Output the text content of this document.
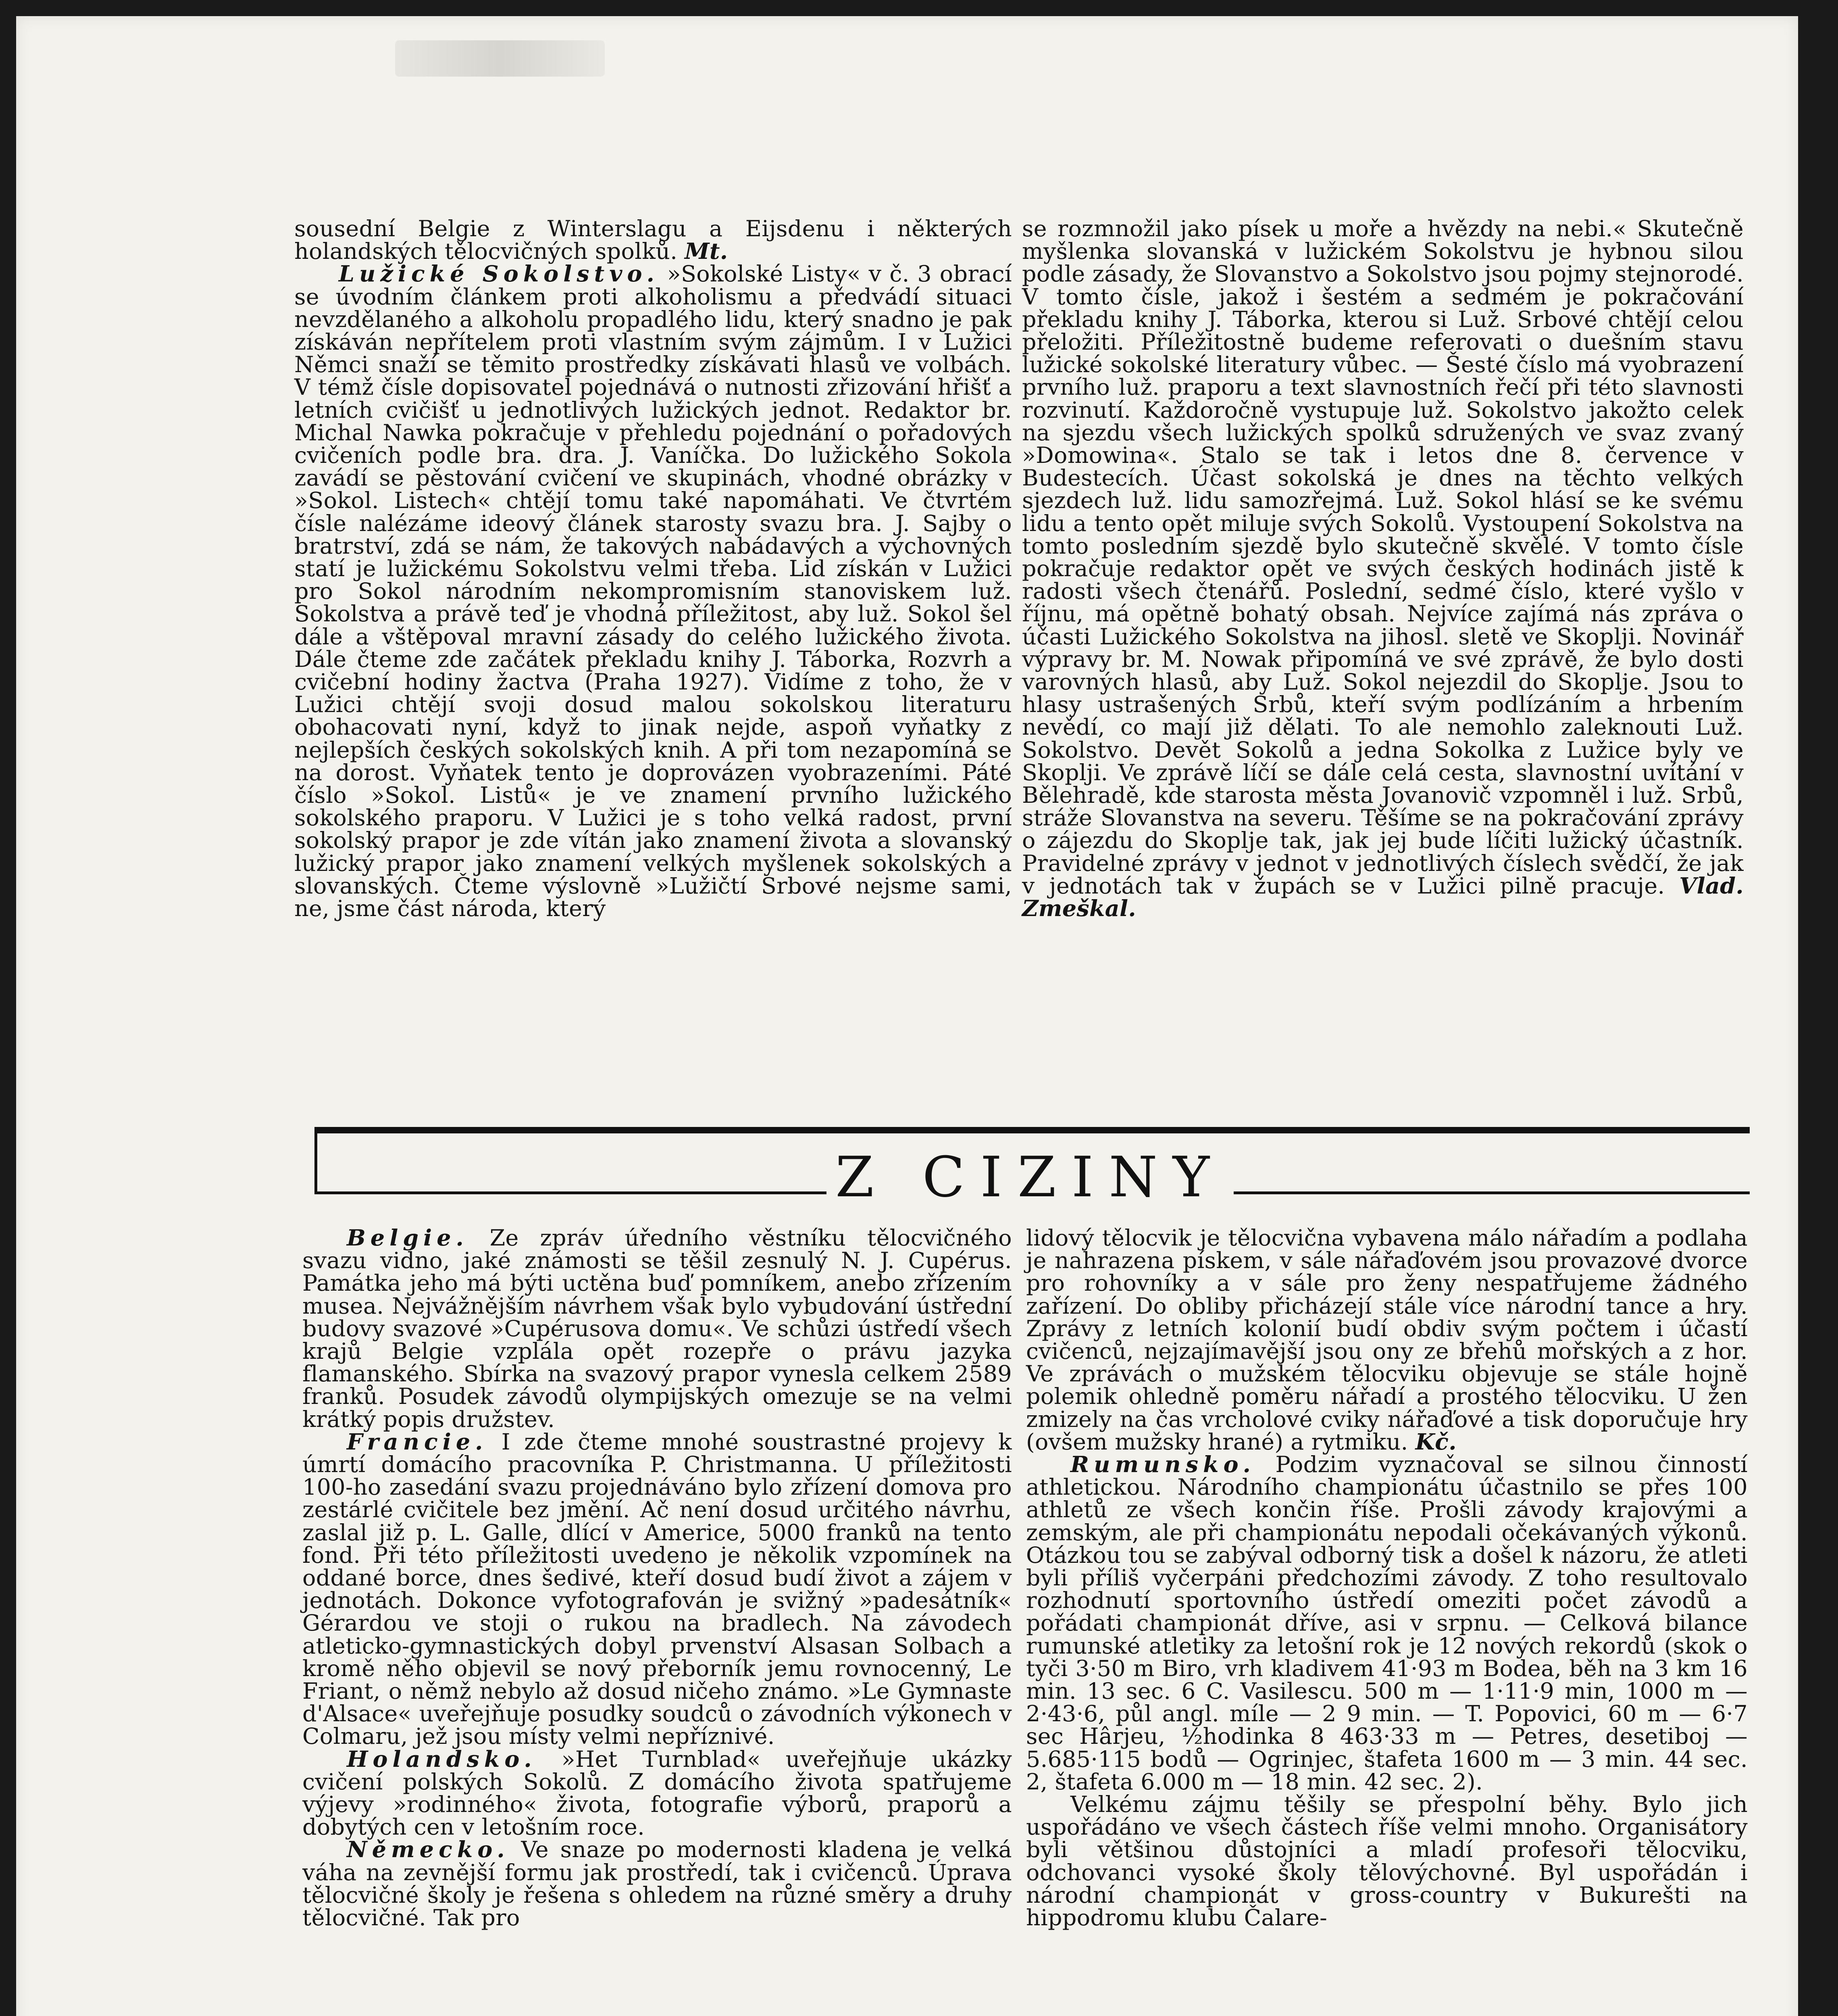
sousední Belgie z Winterslagu a Eijsdenu i některých holandských tělocvičných spolků. Mt.

Lužické Sokolstvo. »Sokolské Listy« v č. 3 obrací se úvodním článkem proti alkoholismu a předvádí situaci nevzdělaného a alkoholu propadlého lidu, který snadno je pak získáván nepřítelem proti vlastním svým zájmům. I v Lužici Němci snaží se těmito prostředky získávati hlasů ve volbách. V témž čísle dopisovatel pojednává o nutnosti zřizování hřišť a letních cvičišť u jednotlivých lužických jednot. Redaktor br. Michal Nawka pokračuje v přehledu pojednání o pořadových cvičeních podle bra. dra. J. Vaníčka. Do lužického Sokola zavádí se pěstování cvičení ve skupinách, vhodné obrázky v »Sokol. Listech« chtějí tomu také napomáhati. Ve čtvrtém čísle nalézáme ideový článek starosty svazu bra. J. Sajby o bratrství, zdá se nám, že takových nabádavých a výchovných statí je lužickému Sokolstvu velmi třeba. Lid získán v Lužici pro Sokol národním nekompromisním stanoviskem luž. Sokolstva a právě teď je vhodná příležitost, aby luž. Sokol šel dále a vštěpoval mravní zásady do celého lužického života. Dále čteme zde začátek překladu knihy J. Táborka, Rozvrh a cvičební hodiny žactva (Praha 1927). Vidíme z toho, že v Lužici chtějí svoji dosud malou sokolskou literaturu obohacovati nyní, když to jinak nejde, aspoň vyňatky z nejlepších českých sokolských knih. A při tom nezapomíná se na dorost. Vyňatek tento je doprovázen vyobrazeními. Páté číslo »Sokol. Listů« je ve znamení prvního lužického sokolského praporu. V Lužici je s toho velká radost, první sokolský prapor je zde vítán jako znamení života a slovanský lužický prapor jako znamení velkých myšlenek sokolských a slovanských. Čteme výslovně »Lužičtí Srbové nejsme sami, ne, jsme část národa, který

se rozmnožil jako písek u moře a hvězdy na nebi.« Skutečně myšlenka slovanská v lužickém Sokolstvu je hybnou silou podle zásady, že Slovanstvo a Sokolstvo jsou pojmy stejnorodé. V tomto čísle, jakož i šestém a sedmém je pokračování překladu knihy J. Táborka, kterou si Luž. Srbové chtějí celou přeložiti. Příležitostně budeme referovati o duešním stavu lužické sokolské literatury vůbec. — Šesté číslo má vyobrazení prvního luž. praporu a text slavnostních řečí při této slavnosti rozvinutí. Každoročně vystupuje luž. Sokolstvo jakožto celek na sjezdu všech lužických spolků sdružených ve svaz zvaný »Domowina«. Stalo se tak i letos dne 8. července v Budestecích. Účast sokolská je dnes na těchto velkých sjezdech luž. lidu samozřejmá. Luž. Sokol hlásí se ke svému lidu a tento opět miluje svých Sokolů. Vystoupení Sokolstva na tomto posledním sjezdě bylo skutečně skvělé. V tomto čísle pokračuje redaktor opět ve svých českých hodinách jistě k radosti všech čtenářů. Poslední, sedmé číslo, které vyšlo v říjnu, má opětně bohatý obsah. Nejvíce zajímá nás zpráva o účasti Lužického Sokolstva na jihosl. sletě ve Skoplji. Novinář výpravy br. M. Nowak připomíná ve své zprávě, že bylo dosti varovných hlasů, aby Luž. Sokol nejezdil do Skoplje. Jsou to hlasy ustrašených Srbů, kteří svým podlízáním a hrbením nevědí, co mají již dělati. To ale nemohlo zaleknouti Luž. Sokolstvo. Devět Sokolů a jedna Sokolka z Lužice byly ve Skoplji. Ve zprávě líčí se dále celá cesta, slavnostní uvítání v Bělehradě, kde starosta města Jovanovič vzpomněl i luž. Srbů, stráže Slovanstva na severu. Těšíme se na pokračování zprávy o zájezdu do Skoplje tak, jak jej bude líčiti lužický účastník. Pravidelné zprávy v jednot v jednotlivých číslech svědčí, že jak v jednotách tak v župách se v Lužici pilně pracuje. Vlad. Zmeškal.

Z CIZINY

Belgie. Ze zpráv úředního věstníku tělocvičného svazu vidno, jaké známosti se těšil zesnulý N. J. Cupérus. Památka jeho má býti uctěna buď pomníkem, anebo zřízením musea. Nejvážnějším návrhem však bylo vybudování ústřední budovy svazové »Cupérusova domu«. Ve schůzi ústředí všech krajů Belgie vzplála opět rozepře o právu jazyka flamanského. Sbírka na svazový prapor vynesla celkem 2589 franků. Posudek závodů olympijských omezuje se na velmi krátký popis družstev.

Francie. I zde čteme mnohé soustrastné projevy k úmrtí domácího pracovníka P. Christmanna. U příležitosti 100-ho zasedání svazu projednáváno bylo zřízení domova pro zestárlé cvičitele bez jmění. Ač není dosud určitého návrhu, zaslal již p. L. Galle, dlící v Americe, 5000 franků na tento fond. Při této příležitosti uvedeno je několik vzpomínek na oddané borce, dnes šedivé, kteří dosud budí život a zájem v jednotách. Dokonce vyfotografován je svižný »padesátník« Gérardou ve stoji o rukou na bradlech. Na závodech atleticko-gymnastických dobyl prvenství Alsasan Solbach a kromě něho objevil se nový přeborník jemu rovnocenný, Le Friant, o němž nebylo až dosud ničeho známo. »Le Gymnaste d'Alsace« uveřejňuje posudky soudců o závodních výkonech v Colmaru, jež jsou místy velmi nepříznivé.

Holandsko. »Het Turnblad« uveřejňuje ukázky cvičení polských Sokolů. Z domácího života spatřujeme výjevy »rodinného« života, fotografie výborů, praporů a dobytých cen v letošním roce.

Německo. Ve snaze po modernosti kladena je velká váha na zevnější formu jak prostředí, tak i cvičenců. Úprava tělocvičné školy je řešena s ohledem na různé směry a druhy tělocvičné. Tak pro

lidový tělocvik je tělocvična vybavena málo nářadím a podlaha je nahrazena pískem, v sále nářaďovém jsou provazové dvorce pro rohovníky a v sále pro ženy nespatřujeme žádného zařízení. Do obliby přicházejí stále více národní tance a hry. Zprávy z letních kolonií budí obdiv svým počtem i účastí cvičenců, nejzajímavější jsou ony ze břehů mořských a z hor. Ve zprávách o mužském tělocviku objevuje se stále hojně polemik ohledně poměru nářadí a prostého tělocviku. U žen zmizely na čas vrcholové cviky nářaďové a tisk doporučuje hry (ovšem mužsky hrané) a rytmiku. Kč.

Rumunsko. Podzim vyznačoval se silnou činností athletickou. Národního championátu účastnilo se přes 100 athletů ze všech končin říše. Prošli závody krajovými a zemským, ale při championátu nepodali očekávaných výkonů. Otázkou tou se zabýval odborný tisk a došel k názoru, že atleti byli příliš vyčerpáni předchozími závody. Z toho resultovalo rozhodnutí sportovního ústředí omeziti počet závodů a pořádati championát dříve, asi v srpnu. — Celková bilance rumunské atletiky za letošní rok je 12 nových rekordů (skok o tyči 3·50 m Biro, vrh kladivem 41·93 m Bodea, běh na 3 km 16 min. 13 sec. 6 C. Vasilescu. 500 m — 1·11·9 min, 1000 m — 2·43·6, půl angl. míle — 2 9 min. — T. Popovici, 60 m — 6·7 sec Hârjeu, ½hodinka 8 463·33 m — Petres, desetiboj — 5.685·115 bodů — Ogrinjec, štafeta 1600 m — 3 min. 44 sec. 2, štafeta 6.000 m — 18 min. 42 sec. 2).

Velkému zájmu těšily se přespolní běhy. Bylo jich uspořádáno ve všech částech říše velmi mnoho. Organisátory byli většinou důstojníci a mladí profesoři tělocviku, odchovanci vysoké školy tělovýchovné. Byl uspořádán i národní championát v gross-country v Bukurešti na hippodromu klubu Čalare-
